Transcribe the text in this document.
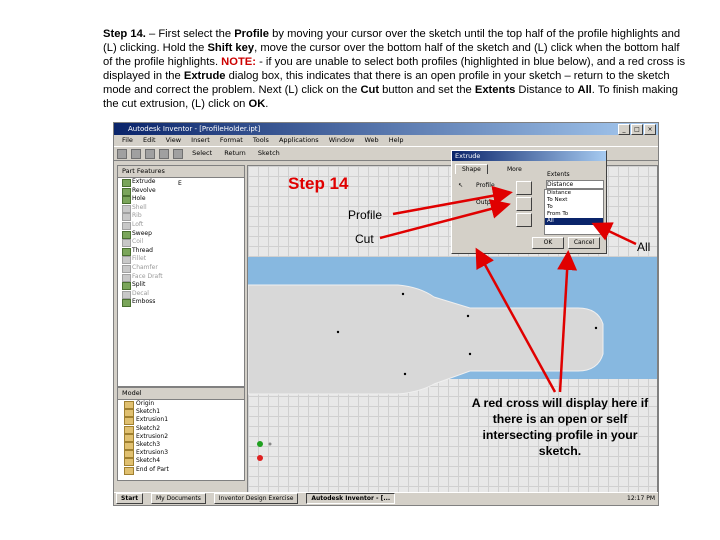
Step 14. – First select the Profile by moving your cursor over the sketch until the top half of the profile highlights and (L) clicking. Hold the Shift key, move the cursor over the bottom half of the sketch and (L) click when the bottom half of the profile highlights. NOTE: - if you are unable to select both profiles (highlighted in blue below), and a red cross is displayed in the Extrude dialog box, this indicates that there is an open profile in your sketch – return to the sketch mode and correct the problem. Next (L) click on the Cut button and set the Extents Distance to All. To finish making the cut extrusion, (L) click on OK.
Autodesk Inventor - [ProfileHolder.ipt]	_	□	×
File Edit View Insert Format Tools Applications Window Web Help
Select Return Sketch
Part Features
Extrude
Revolve
Hole
Shell
Rib
Loft
Sweep
Coil
Thread
Fillet
Chamfer
Face Draft
Split
Decal
Emboss
E
Model
Origin
Sketch1
Extrusion1
Sketch2
Extrusion2
Sketch3
Extrusion3
Sketch4
End of Part
Extrude
Shape	More
↖ Profile
Output
Extents
Distance
Distance
To Next
To
From To
All
OK	Cancel
Start	My Documents	Inventor Design Exercise	Autodesk Inventor - [...	12:17 PM
Step 14
Profile
Cut
All
A red cross will display here if there is an open or self intersecting profile in your sketch.
